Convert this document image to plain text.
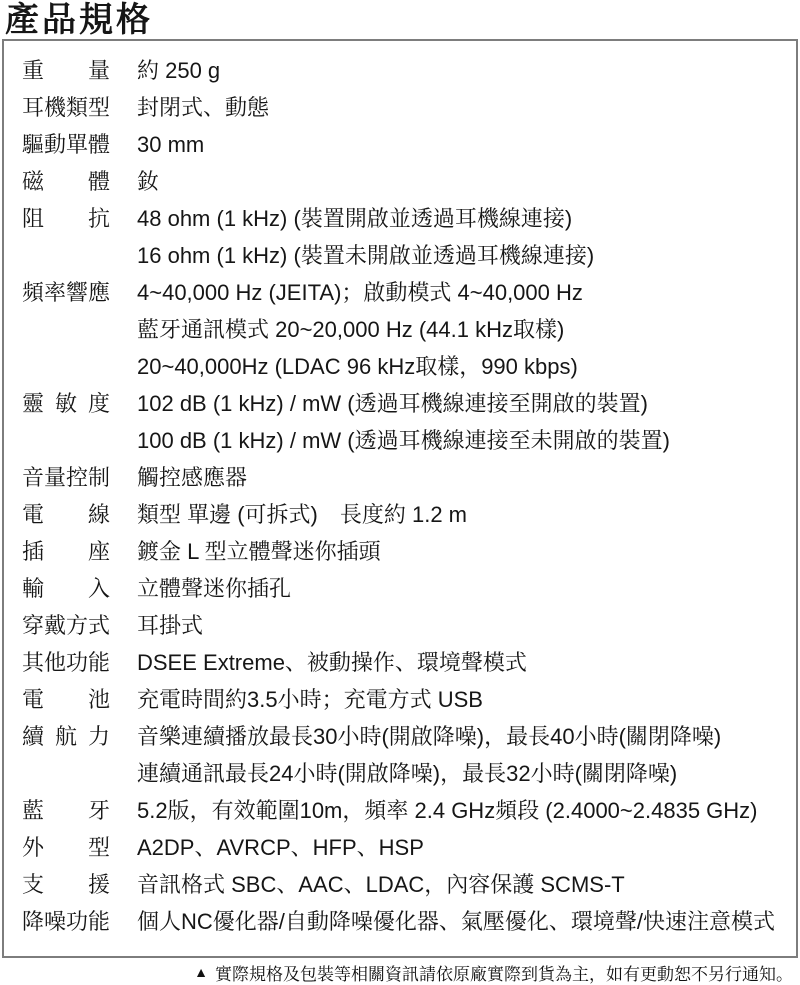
產品規格
重　　量 約 250 g
耳機類型 封閉式、動態
驅動單體 30 mm
磁　　體 釹
阻　　抗 48 ohm (1 kHz) (裝置開啟並透過耳機線連接)
16 ohm (1 kHz) (裝置未開啟並透過耳機線連接)
頻率響應 4~40,000 Hz (JEITA)；啟動模式 4~40,000 Hz
藍牙通訊模式 20~20,000 Hz (44.1 kHz取樣)
20~40,000Hz (LDAC 96 kHz取樣，990 kbps)
靈 敏 度 102 dB (1 kHz) / mW (透過耳機線連接至開啟的裝置)
100 dB (1 kHz) / mW (透過耳機線連接至未開啟的裝置)
音量控制 觸控感應器
電　　線 類型 單邊 (可拆式)　長度約 1.2 m
插　　座 鍍金 L 型立體聲迷你插頭
輸　　入 立體聲迷你插孔
穿戴方式 耳掛式
其他功能 DSEE Extreme、被動操作、環境聲模式
電　　池 充電時間約3.5小時；充電方式 USB
續 航 力 音樂連續播放最長30小時(開啟降噪)，最長40小時(關閉降噪)
連續通訊最長24小時(開啟降噪)，最長32小時(關閉降噪)
藍　　牙 5.2版，有效範圍10m，頻率 2.4 GHz頻段 (2.4000~2.4835 GHz)
外　　型 A2DP、AVRCP、HFP、HSP
支　　援 音訊格式 SBC、AAC、LDAC，內容保護 SCMS-T
降噪功能 個人NC優化器/自動降噪優化器、氣壓優化、環境聲/快速注意模式
▲ 實際規格及包裝等相關資訊請依原廠實際到貨為主，如有更動恕不另行通知。
